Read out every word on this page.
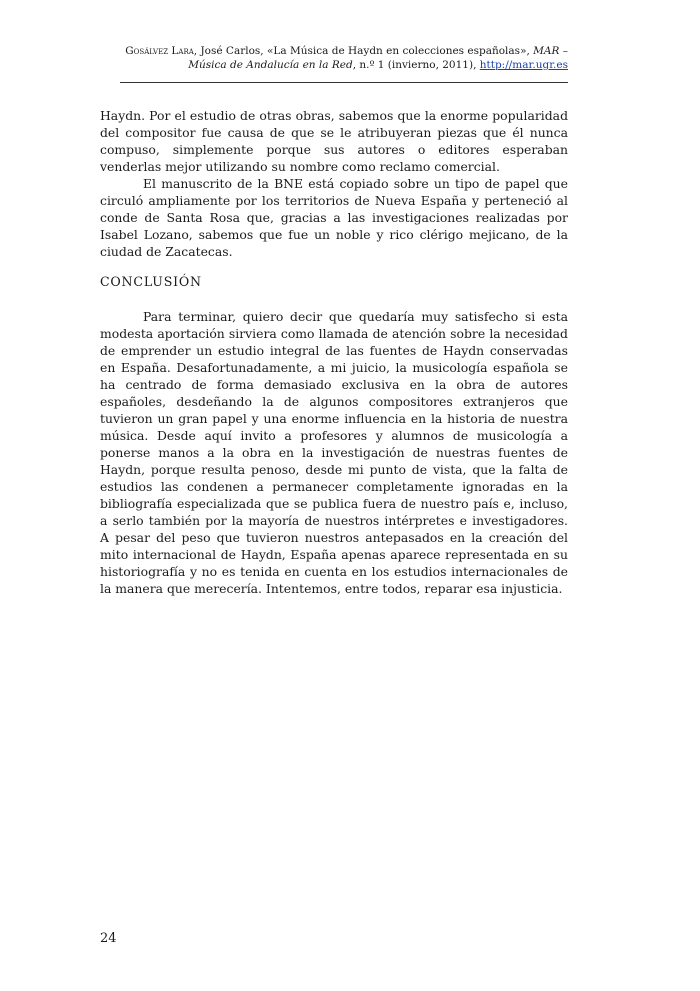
Gosálvez Lara, José Carlos, «La Música de Haydn en colecciones españolas», MAR – Música de Andalucía en la Red, n.º 1 (invierno, 2011), http://mar.ugr.es

Haydn. Por el estudio de otras obras, sabemos que la enorme popularidad del compositor fue causa de que se le atribuyeran piezas que él nunca compuso, simplemente porque sus autores o editores esperaban venderlas mejor utilizando su nombre como reclamo comercial.

El manuscrito de la BNE está copiado sobre un tipo de papel que circuló ampliamente por los territorios de Nueva España y perteneció al conde de Santa Rosa que, gracias a las investigaciones realizadas por Isabel Lozano, sabemos que fue un noble y rico clérigo mejicano, de la ciudad de Zacatecas.

CONCLUSIÓN

Para terminar, quiero decir que quedaría muy satisfecho si esta modesta aportación sirviera como llamada de atención sobre la necesidad de emprender un estudio integral de las fuentes de Haydn conservadas en España. Desafortunadamente, a mi juicio, la musicología española se ha centrado de forma demasiado exclusiva en la obra de autores españoles, desdeñando la de algunos compositores extranjeros que tuvieron un gran papel y una enorme influencia en la historia de nuestra música. Desde aquí invito a profesores y alumnos de musicología a ponerse manos a la obra en la investigación de nuestras fuentes de Haydn, porque resulta penoso, desde mi punto de vista, que la falta de estudios las condenen a permanecer completamente ignoradas en la bibliografía especializada que se publica fuera de nuestro país e, incluso, a serlo también por la mayoría de nuestros intérpretes e investigadores. A pesar del peso que tuvieron nuestros antepasados en la creación del mito internacional de Haydn, España apenas aparece representada en su historiografía y no es tenida en cuenta en los estudios internacionales de la manera que merecería. Intentemos, entre todos, reparar esa injusticia.

24
